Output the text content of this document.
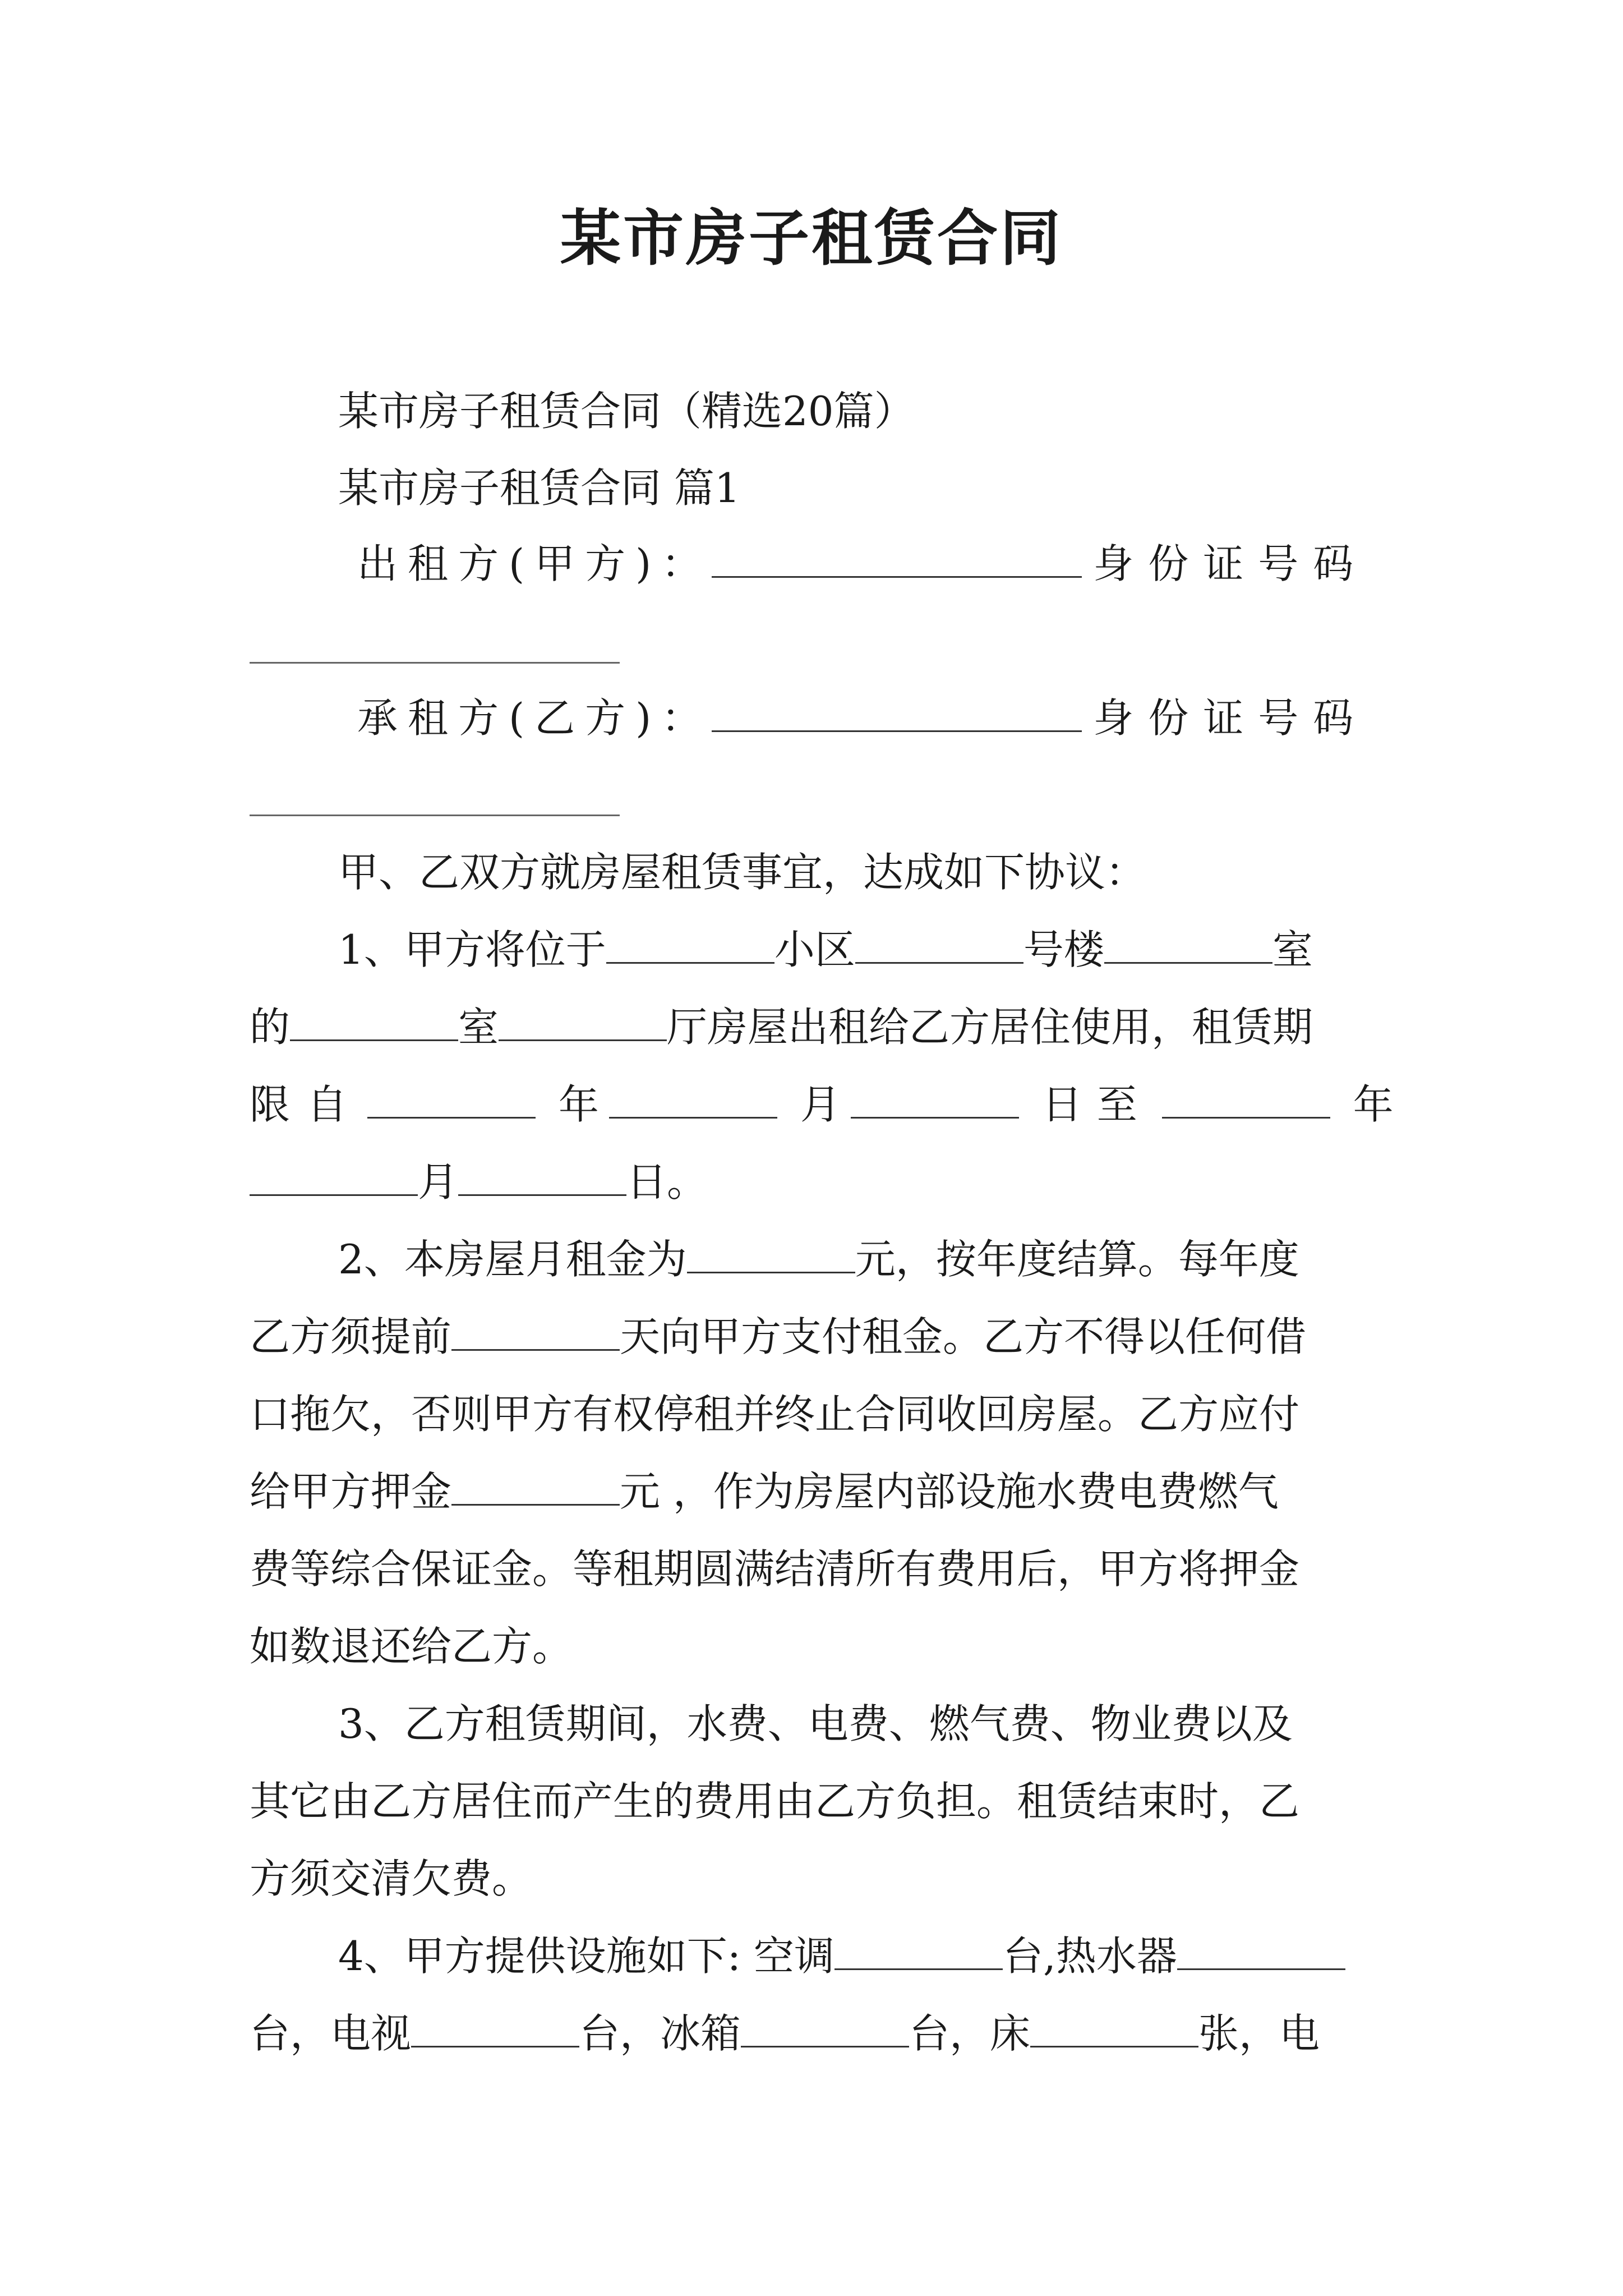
某市房子租赁合同
某市房子租赁合同（精选20篇）
某市房子租赁合同 篇1
出租方(甲方)：	身份证号码
承租方(乙方)：	身份证号码
甲、乙双方就房屋租赁事宜，达成如下协议：
1、甲方将位于	小区	号楼	室
的	室	厅房屋出租给乙方居住使用，租赁期
限自	年	月	日至	年
月	日。
2、本房屋月租金为	元，按年度结算。每年度
乙方须提前	天向甲方支付租金。乙方不得以任何借
口拖欠，否则甲方有权停租并终止合同收回房屋。乙方应付
给甲方押金	元 ，作为房屋内部设施水费电费燃气
费等综合保证金。等租期圆满结清所有费用后，甲方将押金
如数退还给乙方。
3、乙方租赁期间，水费、电费、燃气费、物业费以及
其它由乙方居住而产生的费用由乙方负担。租赁结束时，乙
方须交清欠费。
4、甲方提供设施如下: 空调	台,热水器
台，电视	台，冰箱	台，床	张，电
